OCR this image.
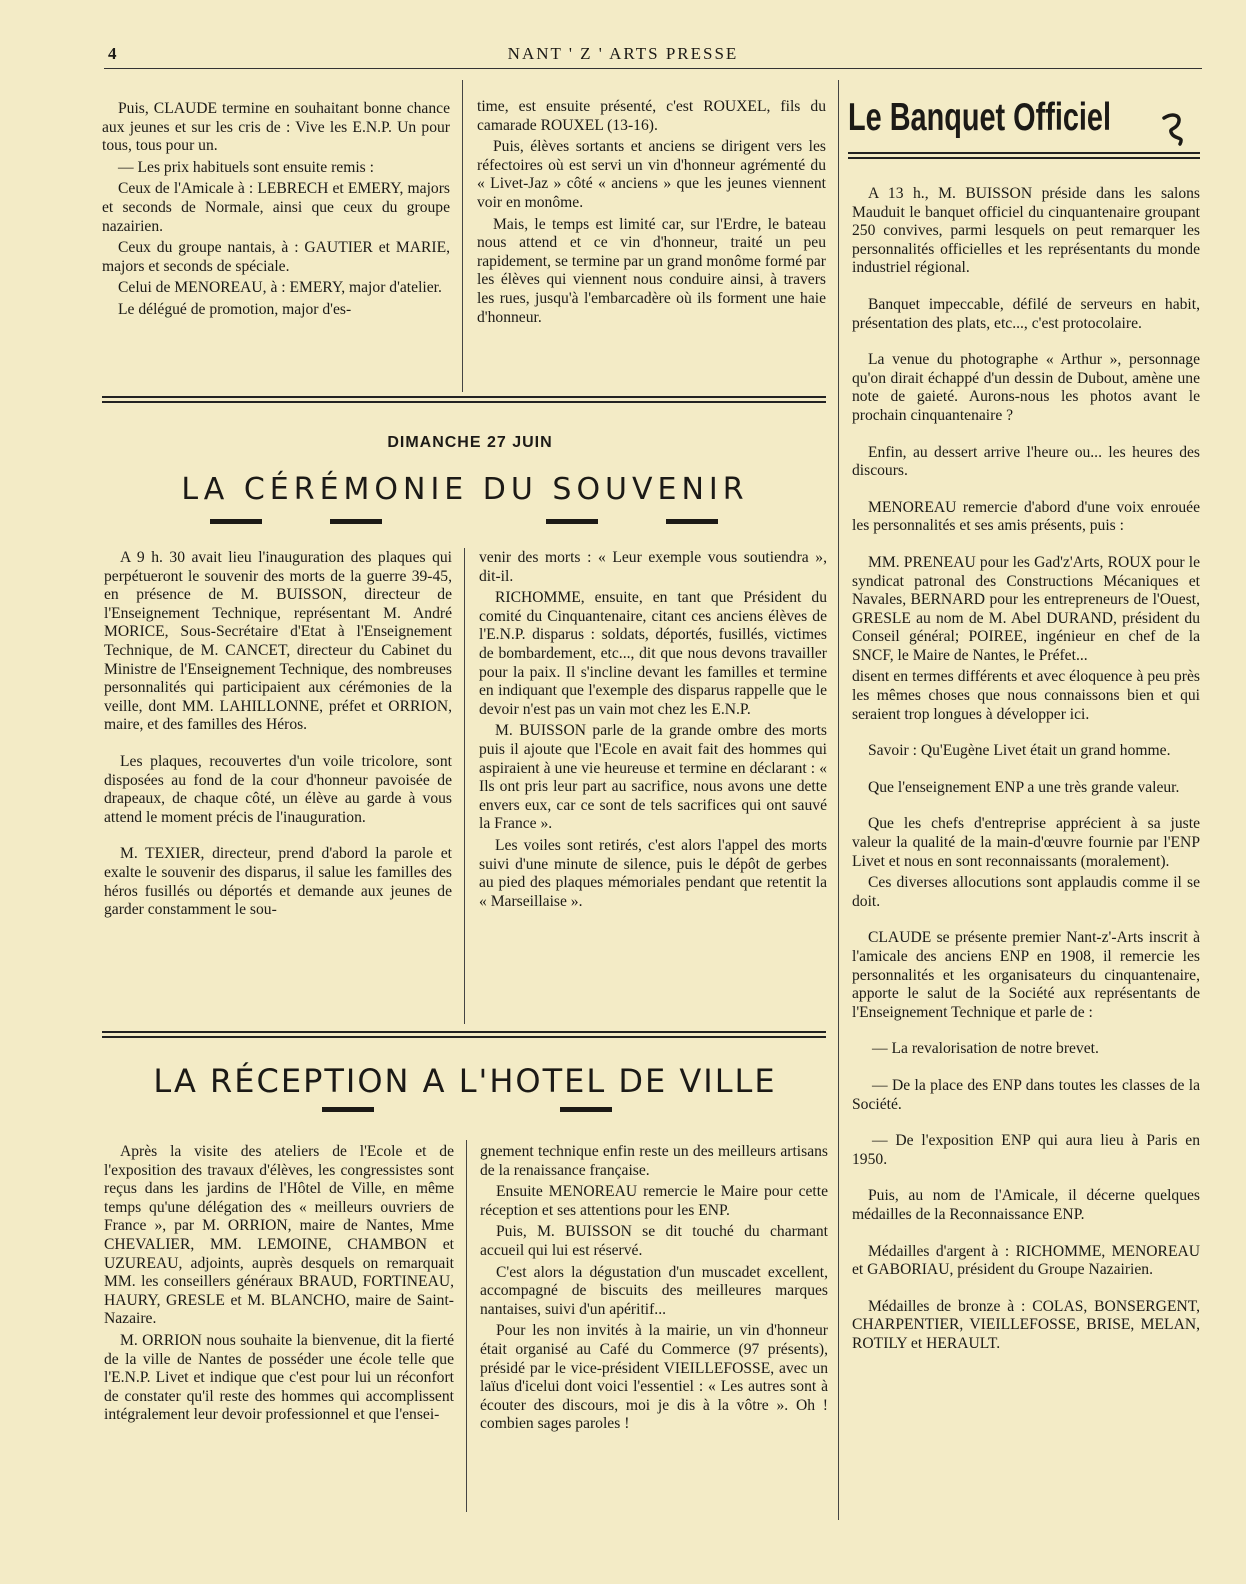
4	NANT ' Z ' ARTS PRESSE

Puis, CLAUDE termine en souhaitant bonne chance aux jeunes et sur les cris de : Vive les E.N.P. Un pour tous, tous pour un.

— Les prix habituels sont ensuite remis :

Ceux de l'Amicale à : LEBRECH et EMERY, majors et seconds de Normale, ainsi que ceux du groupe nazairien.

Ceux du groupe nantais, à : GAUTIER et MARIE, majors et seconds de spéciale.

Celui de MENOREAU, à : EMERY, major d'atelier.

Le délégué de promotion, major d'es-

time, est ensuite présenté, c'est ROUXEL, fils du camarade ROUXEL (13-16).

Puis, élèves sortants et anciens se dirigent vers les réfectoires où est servi un vin d'honneur agrémenté du « Livet-Jaz » côté « anciens » que les jeunes viennent voir en monôme.

Mais, le temps est limité car, sur l'Erdre, le bateau nous attend et ce vin d'honneur, traité un peu rapidement, se termine par un grand monôme formé par les élèves qui viennent nous conduire ainsi, à travers les rues, jusqu'à l'embarcadère où ils forment une haie d'honneur.

DIMANCHE 27 JUIN
LA CÉRÉMONIE DU SOUVENIR

A 9 h. 30 avait lieu l'inauguration des plaques qui perpétueront le souvenir des morts de la guerre 39-45, en présence de M. BUISSON, directeur de l'Enseignement Technique, représentant M. André MORICE, Sous-Secrétaire d'Etat à l'Enseignement Technique, de M. CANCET, directeur du Cabinet du Ministre de l'Enseignement Technique, des nombreuses personnalités qui participaient aux cérémonies de la veille, dont MM. LAHILLONNE, préfet et ORRION, maire, et des familles des Héros.

Les plaques, recouvertes d'un voile tricolore, sont disposées au fond de la cour d'honneur pavoisée de drapeaux, de chaque côté, un élève au garde à vous attend le moment précis de l'inauguration.

M. TEXIER, directeur, prend d'abord la parole et exalte le souvenir des disparus, il salue les familles des héros fusillés ou déportés et demande aux jeunes de garder constamment le sou-

venir des morts : « Leur exemple vous soutiendra », dit-il.

RICHOMME, ensuite, en tant que Président du comité du Cinquantenaire, citant ces anciens élèves de l'E.N.P. disparus : soldats, déportés, fusillés, victimes de bombardement, etc..., dit que nous devons travailler pour la paix. Il s'incline devant les familles et termine en indiquant que l'exemple des disparus rappelle que le devoir n'est pas un vain mot chez les E.N.P.

M. BUISSON parle de la grande ombre des morts puis il ajoute que l'Ecole en avait fait des hommes qui aspiraient à une vie heureuse et termine en déclarant : « Ils ont pris leur part au sacrifice, nous avons une dette envers eux, car ce sont de tels sacrifices qui ont sauvé la France ».

Les voiles sont retirés, c'est alors l'appel des morts suivi d'une minute de silence, puis le dépôt de gerbes au pied des plaques mémoriales pendant que retentit la « Marseillaise ».

LA RÉCEPTION A L'HOTEL DE VILLE

Après la visite des ateliers de l'Ecole et de l'exposition des travaux d'élèves, les congressistes sont reçus dans les jardins de l'Hôtel de Ville, en même temps qu'une délégation des « meilleurs ouvriers de France », par M. ORRION, maire de Nantes, Mme CHEVALIER, MM. LEMOINE, CHAMBON et UZUREAU, adjoints, auprès desquels on remarquait MM. les conseillers généraux BRAUD, FORTINEAU, HAURY, GRESLE et M. BLANCHO, maire de Saint-Nazaire.

M. ORRION nous souhaite la bienvenue, dit la fierté de la ville de Nantes de posséder une école telle que l'E.N.P. Livet et indique que c'est pour lui un réconfort de constater qu'il reste des hommes qui accomplissent intégralement leur devoir professionnel et que l'ensei-

gnement technique enfin reste un des meilleurs artisans de la renaissance française.

Ensuite MENOREAU remercie le Maire pour cette réception et ses attentions pour les ENP.

Puis, M. BUISSON se dit touché du charmant accueil qui lui est réservé.

C'est alors la dégustation d'un muscadet excellent, accompagné de biscuits des meilleures marques nantaises, suivi d'un apéritif...

Pour les non invités à la mairie, un vin d'honneur était organisé au Café du Commerce (97 présents), présidé par le vice-président VIEILLEFOSSE, avec un laïus d'icelui dont voici l'essentiel : « Les autres sont à écouter des discours, moi je dis à la vôtre ». Oh ! combien sages paroles !

Le Banquet Officiel

A 13 h., M. BUISSON préside dans les salons Mauduit le banquet officiel du cinquantenaire groupant 250 convives, parmi lesquels on peut remarquer les personnalités officielles et les représentants du monde industriel régional.

Banquet impeccable, défilé de serveurs en habit, présentation des plats, etc..., c'est protocolaire.

La venue du photographe « Arthur », personnage qu'on dirait échappé d'un dessin de Dubout, amène une note de gaieté. Aurons-nous les photos avant le prochain cinquantenaire ?

Enfin, au dessert arrive l'heure ou... les heures des discours.

MENOREAU remercie d'abord d'une voix enrouée les personnalités et ses amis présents, puis :

MM. PRENEAU pour les Gad'z'Arts, ROUX pour le syndicat patronal des Constructions Mécaniques et Navales, BERNARD pour les entrepreneurs de l'Ouest, GRESLE au nom de M. Abel DURAND, président du Conseil général; POIREE, ingénieur en chef de la SNCF, le Maire de Nantes, le Préfet...

disent en termes différents et avec éloquence à peu près les mêmes choses que nous connaissons bien et qui seraient trop longues à développer ici.

Savoir : Qu'Eugène Livet était un grand homme.

Que l'enseignement ENP a une très grande valeur.

Que les chefs d'entreprise apprécient à sa juste valeur la qualité de la main-d'œuvre fournie par l'ENP Livet et nous en sont reconnaissants (moralement).

Ces diverses allocutions sont applaudis comme il se doit.

CLAUDE se présente premier Nant-z'-Arts inscrit à l'amicale des anciens ENP en 1908, il remercie les personnalités et les organisateurs du cinquantenaire, apporte le salut de la Société aux représentants de l'Enseignement Technique et parle de :

— La revalorisation de notre brevet.

— De la place des ENP dans toutes les classes de la Société.

— De l'exposition ENP qui aura lieu à Paris en 1950.

Puis, au nom de l'Amicale, il décerne quelques médailles de la Reconnaissance ENP.

Médailles d'argent à : RICHOMME, MENOREAU et GABORIAU, président du Groupe Nazairien.

Médailles de bronze à : COLAS, BONSERGENT, CHARPENTIER, VIEILLEFOSSE, BRISE, MELAN, ROTILY et HERAULT.
